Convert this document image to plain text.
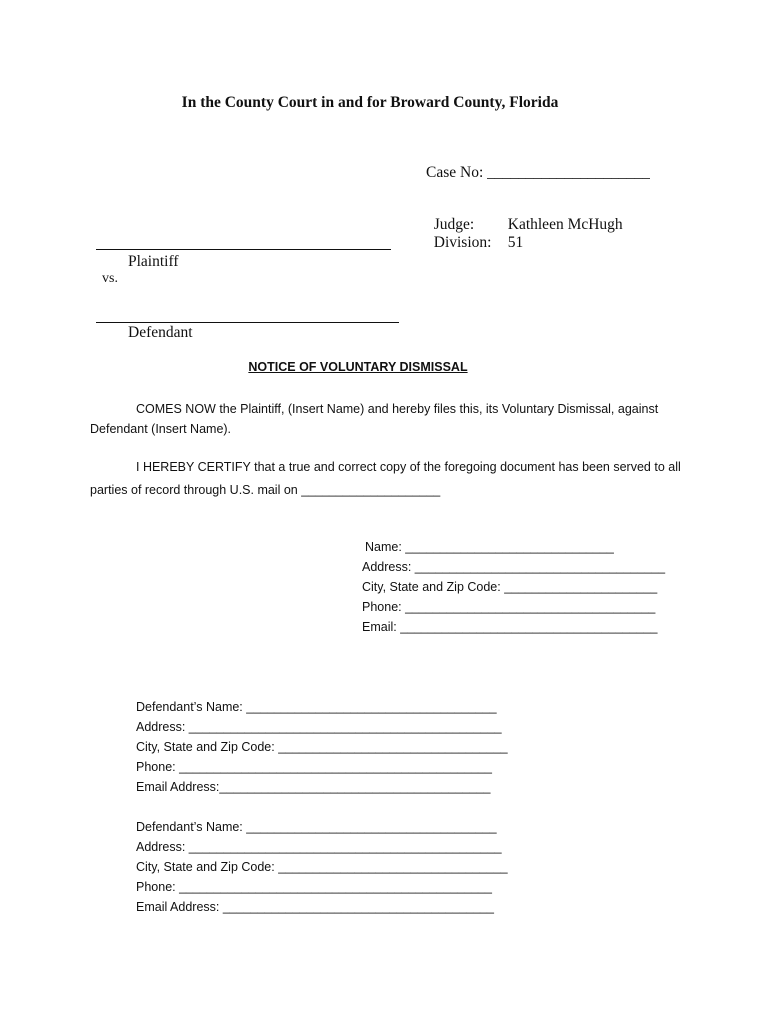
In the County Court in and for Broward County, Florida
Case No: _____________________

Judge: Kathleen McHugh

Division: 51

Plaintiff
vs.
Defendant
NOTICE OF VOLUNTARY DISMISSAL
COMES NOW the Plaintiff, (Insert Name) and hereby files this, its Voluntary Dismissal, against
Defendant (Insert Name).
I HEREBY CERTIFY that a true and correct copy of the foregoing document has been served to all
parties of record through U.S. mail on ____________________
Name: ______________________________
Address: ____________________________________
City, State and Zip Code: ______________________
Phone: ____________________________________
Email: _____________________________________
Defendant’s Name: ____________________________________
Address: _____________________________________________
City, State and Zip Code: _________________________________
Phone: _____________________________________________
Email Address:_______________________________________
Defendant’s Name: ____________________________________
Address: _____________________________________________
City, State and Zip Code: _________________________________
Phone: _____________________________________________
Email Address: _______________________________________
